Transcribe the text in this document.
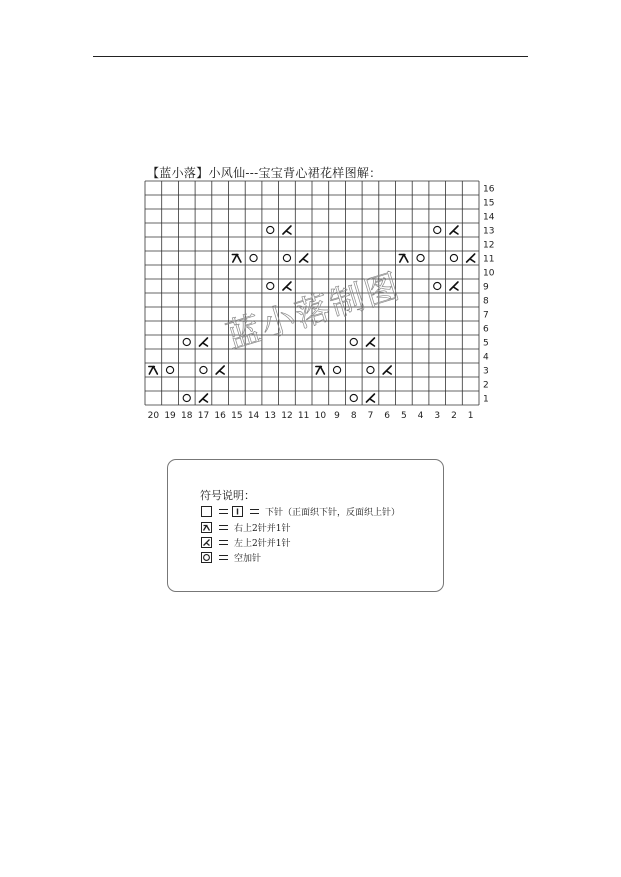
【蓝小落】小风仙---宝宝背心裙花样图解：
16
15
14
13
12
11
10
9
8
7
6
5
4
3
2
1
20 19 18 17 16 15 14 13 12 11 10 9 8 7 6 5 4 3 2 1
蓝小落制图
符号说明：
下针（正面织下针，反面织上针）
右上2针并1针
左上2针并1针
空加针
